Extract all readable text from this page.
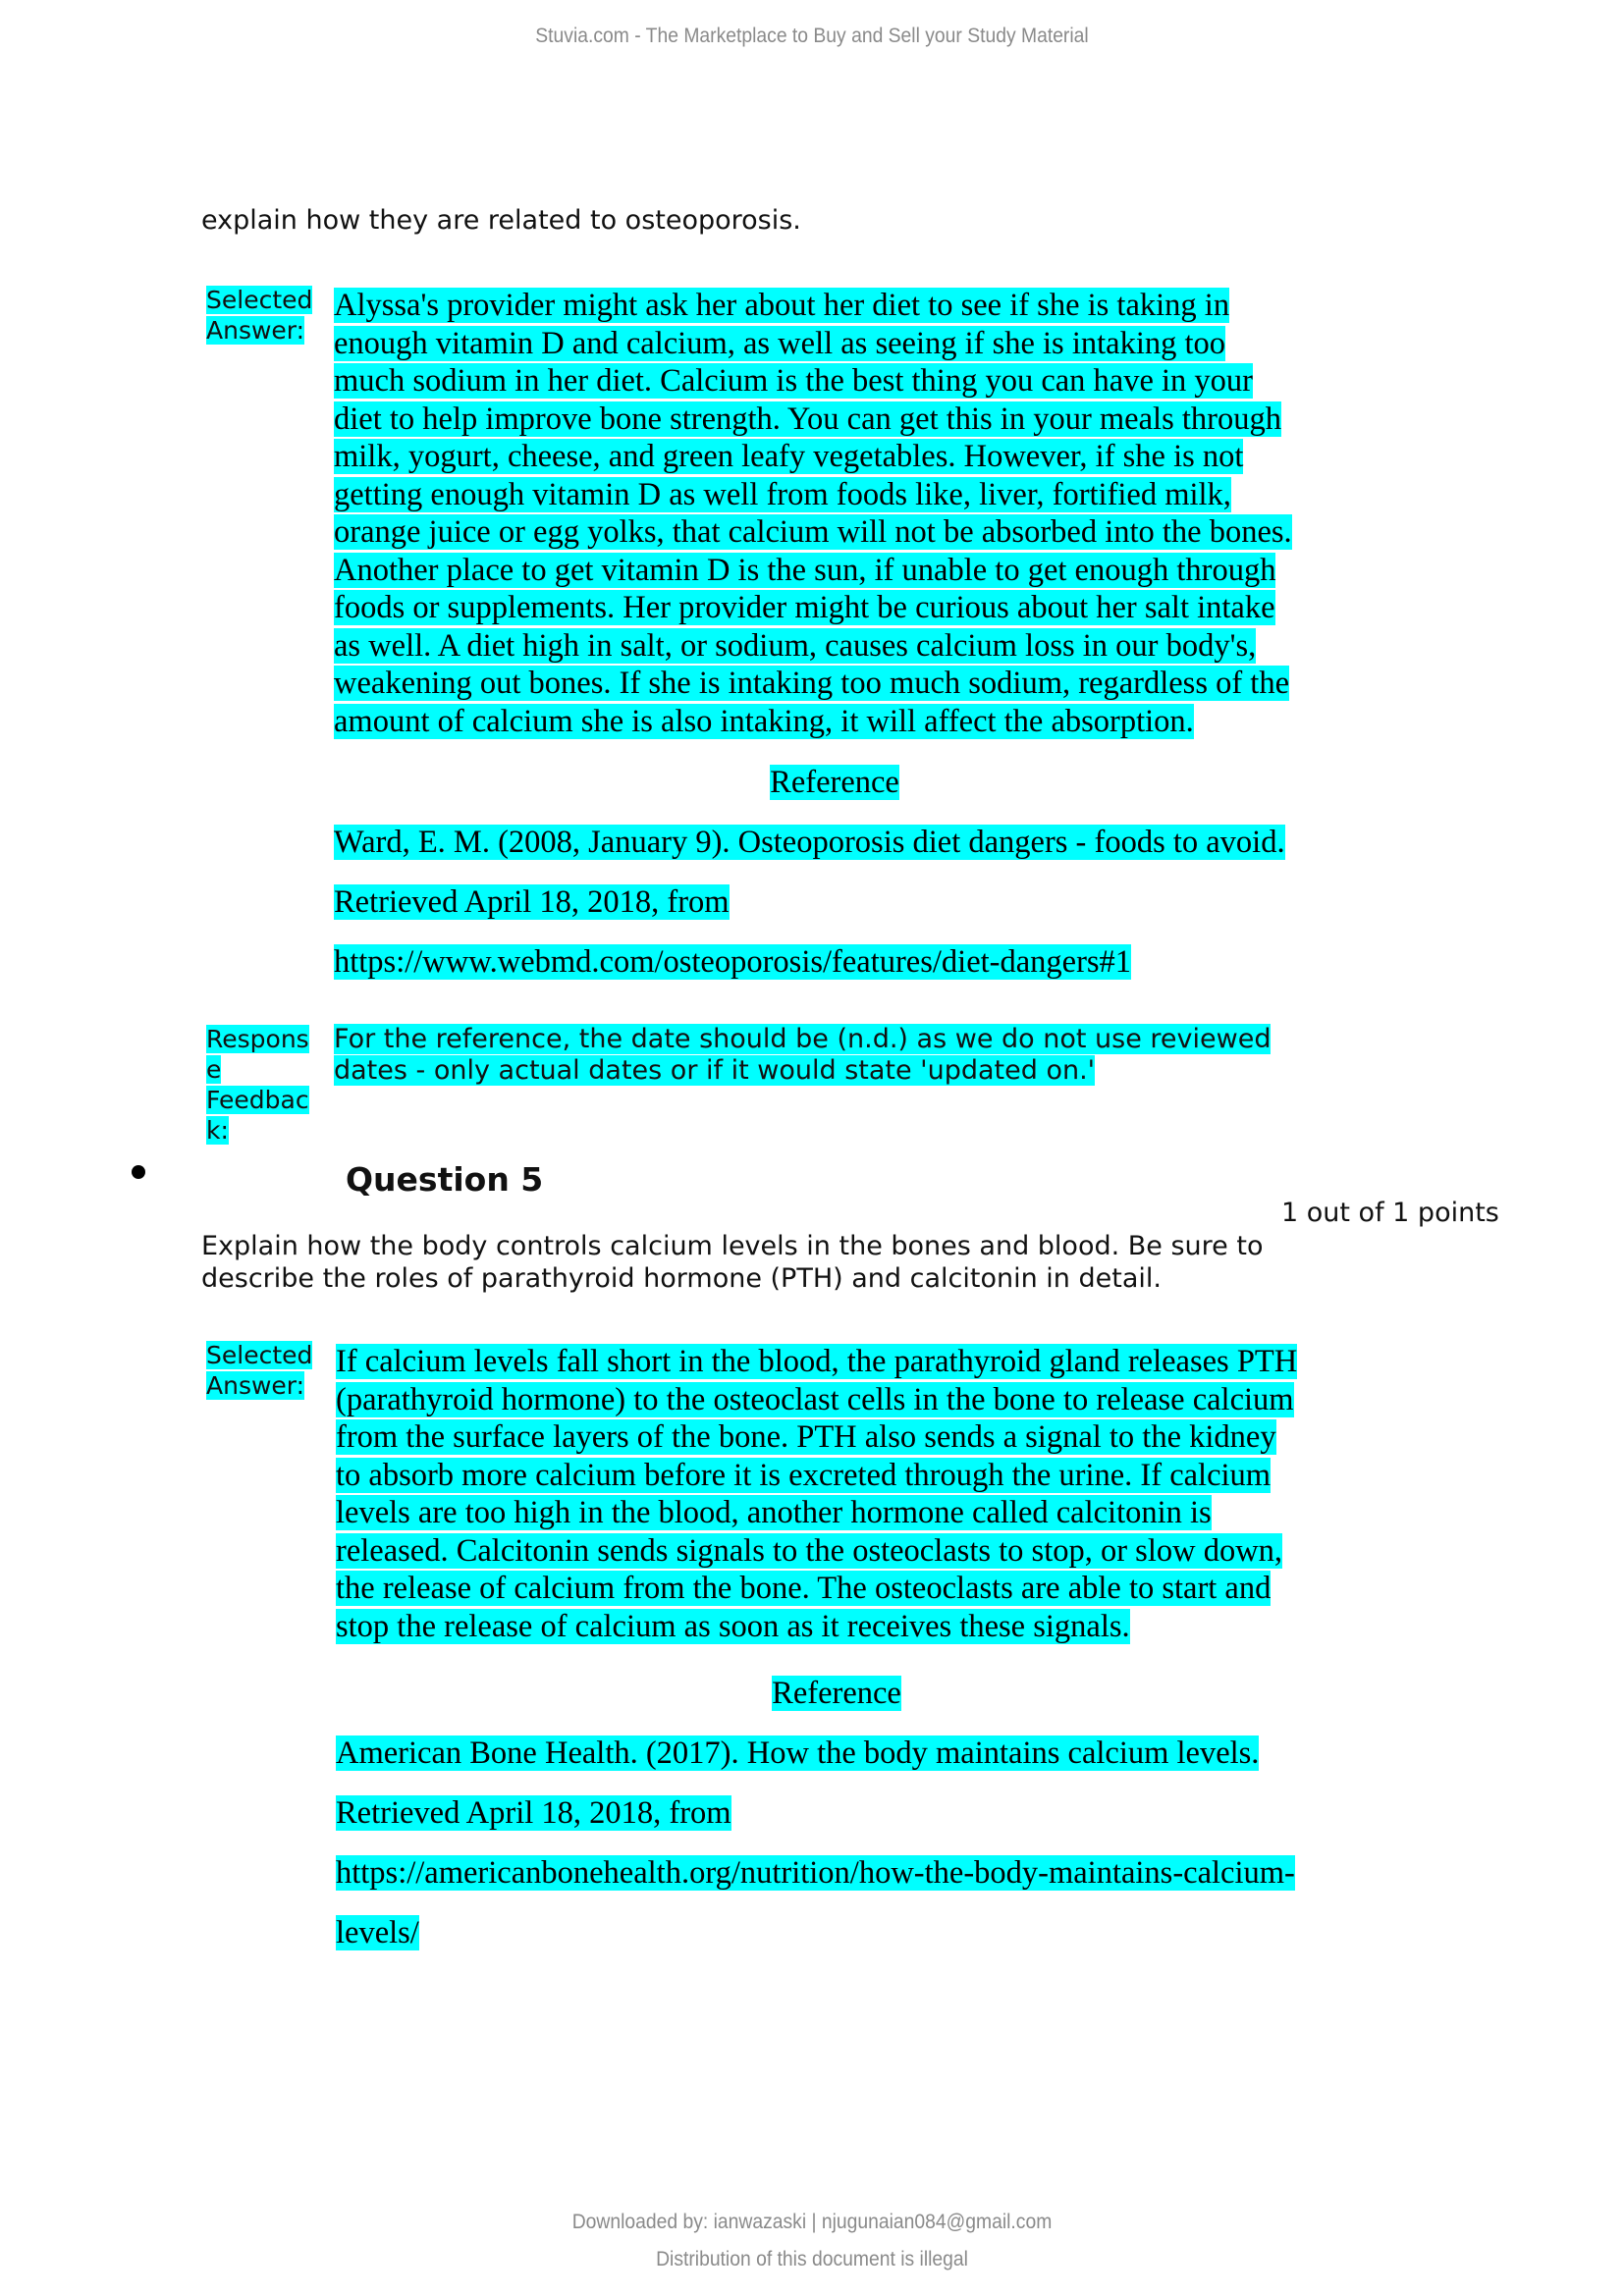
Stuvia.com - The Marketplace to Buy and Sell your Study Material
explain how they are related to osteoporosis.
Selected
Answer:
Alyssa's provider might ask her about her diet to see if she is taking in
enough vitamin D and calcium, as well as seeing if she is intaking too
much sodium in her diet. Calcium is the best thing you can have in your
diet to help improve bone strength. You can get this in your meals through
milk, yogurt, cheese, and green leafy vegetables. However, if she is not
getting enough vitamin D as well from foods like, liver, fortified milk,
orange juice or egg yolks, that calcium will not be absorbed into the bones.
Another place to get vitamin D is the sun, if unable to get enough through
foods or supplements. Her provider might be curious about her salt intake
as well. A diet high in salt, or sodium, causes calcium loss in our body's,
weakening out bones. If she is intaking too much sodium, regardless of the
amount of calcium she is also intaking, it will affect the absorption.
Reference
Ward, E. M. (2008, January 9). Osteoporosis diet dangers - foods to avoid.
Retrieved April 18, 2018, from
https://www.webmd.com/osteoporosis/features/diet-dangers#1
Respons
e
Feedbac
k:
For the reference, the date should be (n.d.) as we do not use reviewed
dates - only actual dates or if it would state 'updated on.'
Question 5
1 out of 1 points
Explain how the body controls calcium levels in the bones and blood. Be sure to
describe the roles of parathyroid hormone (PTH) and calcitonin in detail.
Selected
Answer:
If calcium levels fall short in the blood, the parathyroid gland releases PTH
(parathyroid hormone) to the osteoclast cells in the bone to release calcium
from the surface layers of the bone. PTH also sends a signal to the kidney
to absorb more calcium before it is excreted through the urine. If calcium
levels are too high in the blood, another hormone called calcitonin is
released. Calcitonin sends signals to the osteoclasts to stop, or slow down,
the release of calcium from the bone. The osteoclasts are able to start and
stop the release of calcium as soon as it receives these signals.
Reference
American Bone Health. (2017). How the body maintains calcium levels.
Retrieved April 18, 2018, from
https://americanbonehealth.org/nutrition/how-the-body-maintains-calcium-
levels/
Downloaded by: ianwazaski | njugunaian084@gmail.com
Distribution of this document is illegal
